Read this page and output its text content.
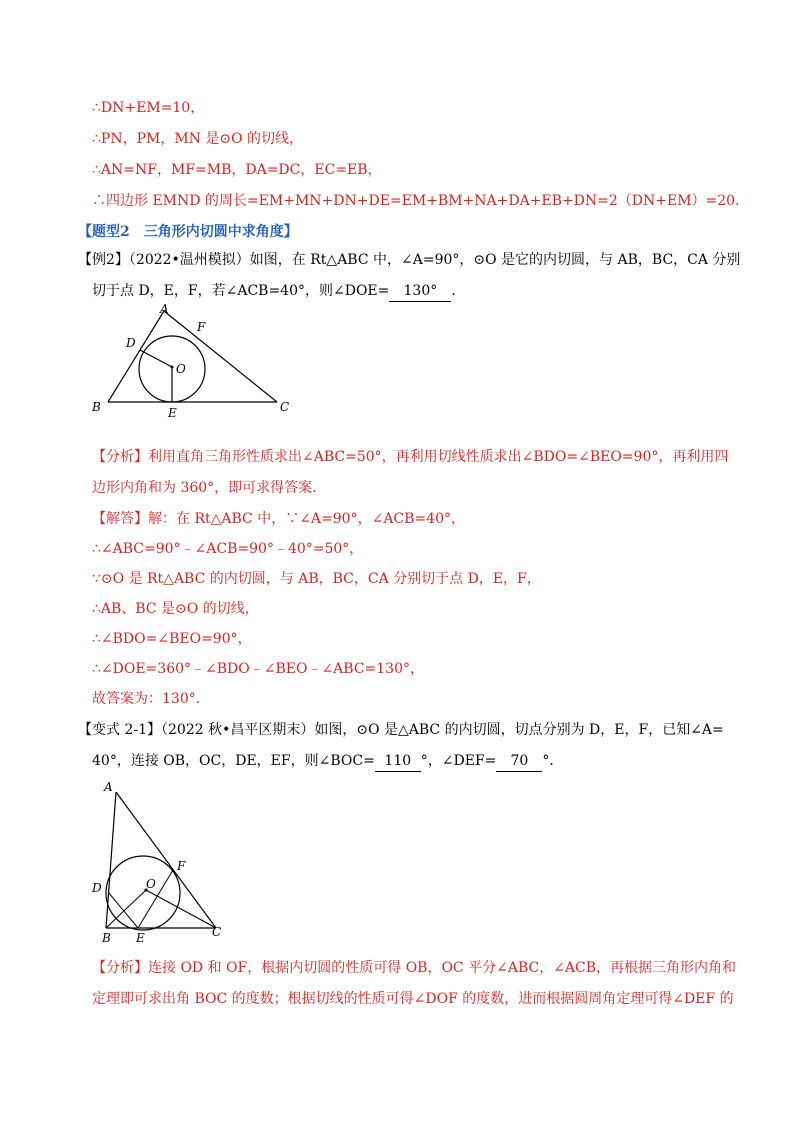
∴DN+EM=10，
∴PN，PM，MN 是⊙O 的切线，
∴AN=NF，MF=MB，DA=DC，EC=EB，
∴四边形 EMND 的周长=EM+MN+DN+DE=EM+BM+NA+DA+EB+DN=2（DN+EM）=20．
【题型2　三角形内切圆中求角度】
【例2】（2022•温州模拟）如图，在 Rt△ABC 中，∠A=90°，⊙O 是它的内切圆，与 AB，BC，CA 分别
切于点 D，E，F，若∠ACB=40°，则∠DOE= 130° ．
A
B	C
D
E
F
O
【分析】利用直角三角形性质求出∠ABC=50°，再利用切线性质求出∠BDO=∠BEO=90°，再利用四
边形内角和为 360°，即可求得答案．
【解答】解：在 Rt△ABC 中，∵∠A=90°，∠ACB=40°，
∴∠ABC=90°﹣∠ACB=90°﹣40°=50°，
∵⊙O 是 Rt△ABC 的内切圆，与 AB，BC，CA 分别切于点 D，E，F，
∴AB、BC 是⊙O 的切线，
∴∠BDO=∠BEO=90°，
∴∠DOE=360°﹣∠BDO﹣∠BEO﹣∠ABC=130°，
故答案为：130°．
【变式 2-1】（2022 秋•昌平区期末）如图，⊙O 是△ABC 的内切圆，切点分别为 D，E，F，已知∠A=
40°，连接 OB，OC，DE，EF，则∠BOC= 110 °，∠DEF= 70 °．
A
B	C
D
E
F
O
【分析】连接 OD 和 OF，根据内切圆的性质可得 OB，OC 平分∠ABC，∠ACB，再根据三角形内角和
定理即可求出角 BOC 的度数；根据切线的性质可得∠DOF 的度数，进而根据圆周角定理可得∠DEF 的
